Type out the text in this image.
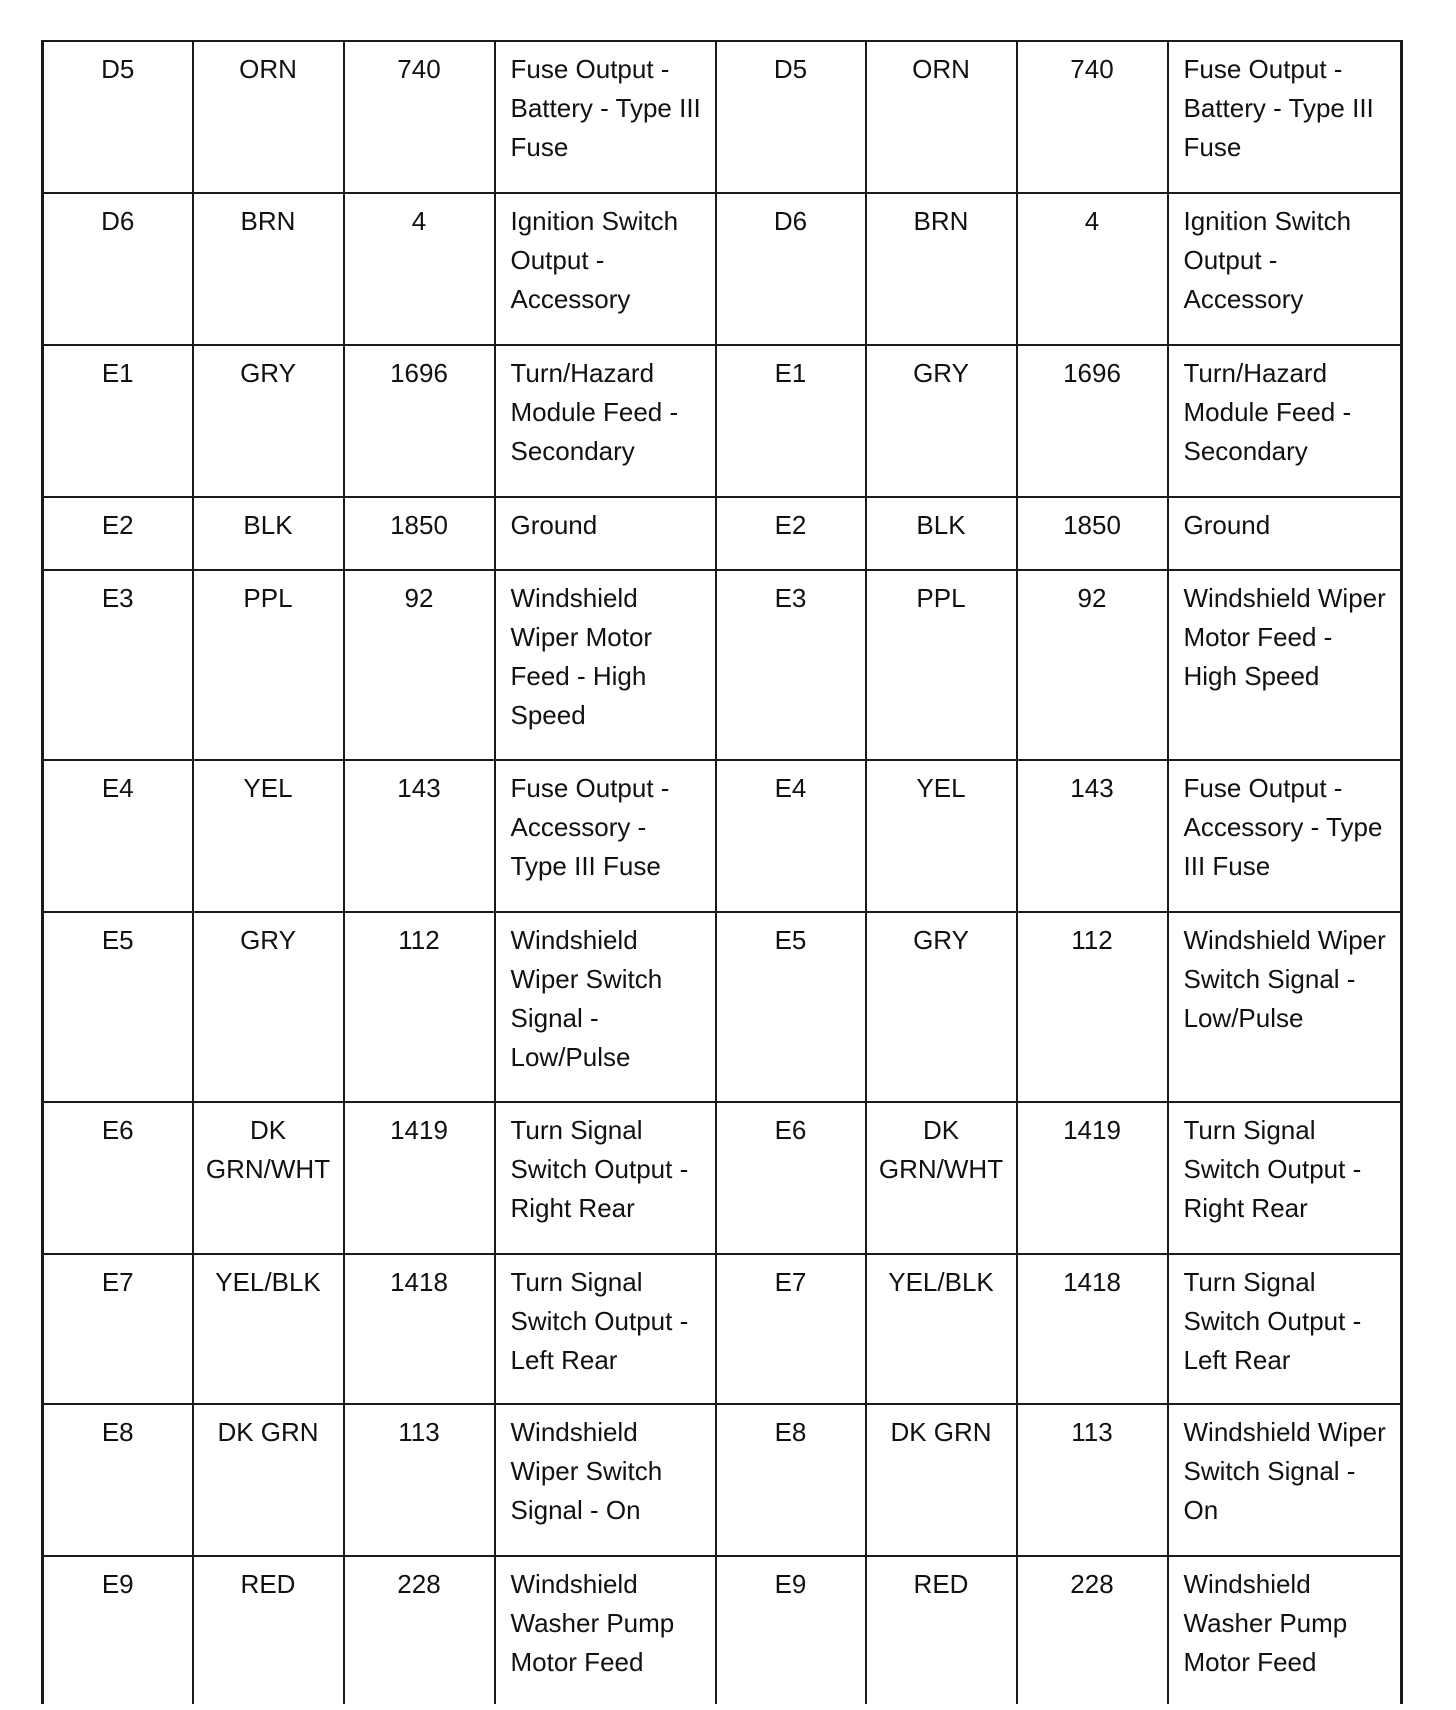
D5	ORN	740	Fuse Output - Battery - Type III Fuse	D5	ORN	740	Fuse Output - Battery - Type III Fuse
D6	BRN	4	Ignition Switch Output - Accessory	D6	BRN	4	Ignition Switch Output - Accessory
E1	GRY	1696	Turn/Hazard Module Feed - Secondary	E1	GRY	1696	Turn/Hazard Module Feed - Secondary
E2	BLK	1850	Ground	E2	BLK	1850	Ground
E3	PPL	92	Windshield Wiper Motor Feed - High Speed	E3	PPL	92	Windshield Wiper Motor Feed - High Speed
E4	YEL	143	Fuse Output - Accessory - Type III Fuse	E4	YEL	143	Fuse Output - Accessory - Type III Fuse
E5	GRY	112	Windshield Wiper Switch Signal - Low/Pulse	E5	GRY	112	Windshield Wiper Switch Signal - Low/Pulse
E6	DK GRN/WHT	1419	Turn Signal Switch Output - Right Rear	E6	DK GRN/WHT	1419	Turn Signal Switch Output - Right Rear
E7	YEL/BLK	1418	Turn Signal Switch Output - Left Rear	E7	YEL/BLK	1418	Turn Signal Switch Output - Left Rear
E8	DK GRN	113	Windshield Wiper Switch Signal - On	E8	DK GRN	113	Windshield Wiper Switch Signal - On
E9	RED	228	Windshield Washer Pump Motor Feed	E9	RED	228	Windshield Washer Pump Motor Feed
